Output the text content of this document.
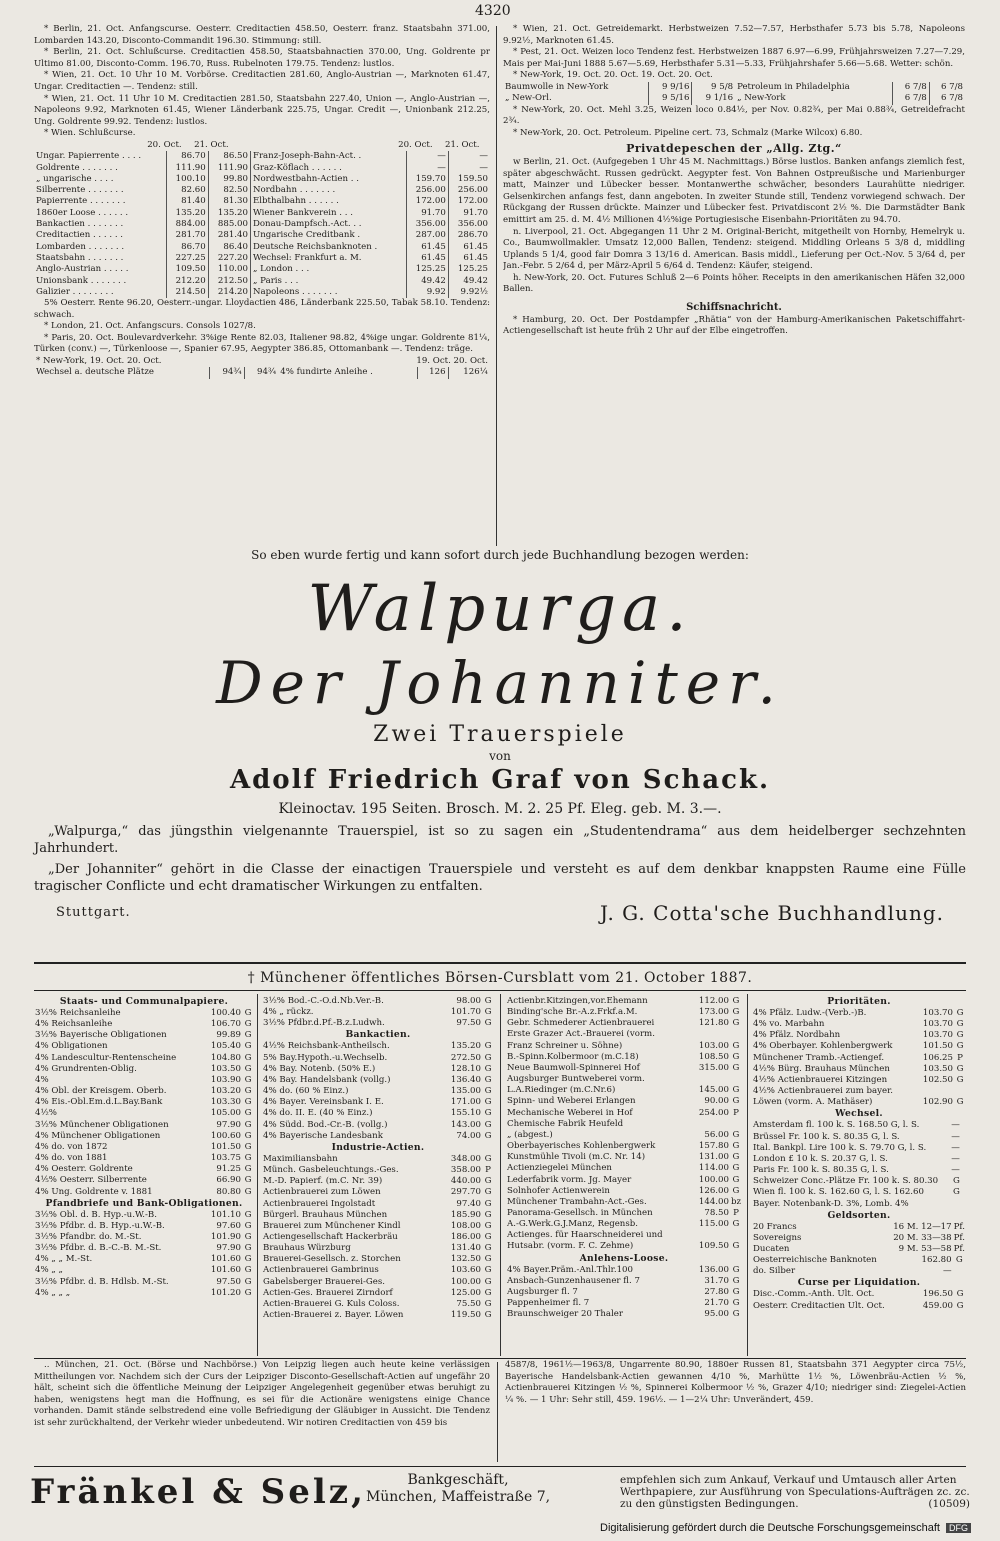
4320

* Berlin, 21. Oct. Anfangscurse. Oesterr. Creditactien 458.50, Oesterr. franz. Staatsbahn 371.00, Lombarden 143.20, Disconto-Commandit 196.30. Stimmung: still.

* Berlin, 21. Oct. Schlußcurse. Creditactien 458.50, Staatsbahnactien 370.00, Ung. Goldrente pr Ultimo 81.00, Disconto-Comm. 196.70, Russ. Rubelnoten 179.75. Tendenz: lustlos.

* Wien, 21. Oct. 10 Uhr 10 M. Vorbörse. Creditactien 281.60, Anglo-Austrian —, Marknoten 61.47, Ungar. Creditactien —. Tendenz: still.

* Wien, 21. Oct. 11 Uhr 10 M. Creditactien 281.50, Staatsbahn 227.40, Union —, Anglo-Austrian —, Napoleons 9.92, Marknoten 61.45, Wiener Länderbank 225.75, Ungar. Credit —, Unionbank 212.25, Ung. Goldrente 99.92. Tendenz: lustlos.

* Wien. Schlußcurse.

	20. Oct.	21. Oct.		20. Oct.	21. Oct.
Ungar. Papierrente . . . .	86.70	86.50	Franz-Joseph-Bahn-Act. .	—	—
Goldrente . . . . . . .	111.90	111.90	Graz-Köflach . . . . . .	—	—
„ ungarische . . . .	100.10	99.80	Nordwestbahn-Actien . .	159.70	159.50
Silberrente . . . . . . .	82.60	82.50	Nordbahn . . . . . . .	256.00	256.00
Papierrente . . . . . . .	81.40	81.30	Elbthalbahn . . . . . .	172.00	172.00
1860er Loose . . . . . .	135.20	135.20	Wiener Bankverein . . .	91.70	91.70
Bankactien . . . . . . .	884.00	885.00	Donau-Dampfsch.-Act. . .	356.00	356.00
Creditactien . . . . . .	281.70	281.40	Ungarische Creditbank .	287.00	286.70
Lombarden . . . . . . .	86.70	86.40	Deutsche Reichsbanknoten .	61.45	61.45
Staatsbahn . . . . . . .	227.25	227.20	Wechsel: Frankfurt a. M.	61.45	61.45
Anglo-Austrian . . . . .	109.50	110.00	„ London . . .	125.25	125.25
Unionsbank . . . . . . .	212.20	212.50	„ Paris . . .	49.42	49.42
Galizier . . . . . . . .	214.50	214.20	Napoleons . . . . . . .	9.92	9.92½

5% Oesterr. Rente 96.20, Oesterr.-ungar. Lloydactien 486, Länderbank 225.50, Tabak 58.10. Tendenz: schwach.

* London, 21. Oct. Anfangscurs. Consols 1027/8.

* Paris, 20. Oct. Boulevardverkehr. 3%ige Rente 82.03, Italiener 98.82, 4%ige ungar. Goldrente 81¼, Türken (conv.) —, Türkenloose —, Spanier 67.95, Aegypter 386.85, Ottomanbank —. Tendenz: träge.

* New-York, 19. Oct. 20. Oct.			19. Oct. 20. Oct.		
Wechsel a. deutsche Plätze	94¾	94¾	4% fundirte Anleihe .	126	126¼

* Wien, 21. Oct. Getreidemarkt. Herbstweizen 7.52—7.57, Herbsthafer 5.73 bis 5.78, Napoleons 9.92½, Marknoten 61.45.

* Pest, 21. Oct. Weizen loco Tendenz fest. Herbstweizen 1887 6.97—6.99, Frühjahrsweizen 7.27—7.29, Mais per Mai-Juni 1888 5.67—5.69, Herbsthafer 5.31—5.33, Frühjahrshafer 5.66—5.68. Wetter: schön.

* New-York, 19. Oct. 20. Oct. 19. Oct. 20. Oct.

Baumwolle in New-York	9 9/16	9 5/8	Petroleum in Philadelphia	6 7/8	6 7/8
„ New-Orl.	9 5/16	9 1/16	„ New-York	6 7/8	6 7/8

* New-York, 20. Oct. Mehl 3.25, Weizen loco 0.84½, per Nov. 0.82¾, per Mai 0.88¾, Getreidefracht 2¾.

* New-York, 20. Oct. Petroleum. Pipeline cert. 73, Schmalz (Marke Wilcox) 6.80.

Privatdepeschen der „Allg. Ztg.“

w Berlin, 21. Oct. (Aufgegeben 1 Uhr 45 M. Nachmittags.) Börse lustlos. Banken anfangs ziemlich fest, später abgeschwächt. Russen gedrückt. Aegypter fest. Von Bahnen Ostpreußische und Marienburger matt, Mainzer und Lübecker besser. Montanwerthe schwächer, besonders Laurahütte niedriger. Gelsenkirchen anfangs fest, dann angeboten. In zweiter Stunde still, Tendenz vorwiegend schwach. Der Rückgang der Russen drückte. Mainzer und Lübecker fest. Privatdiscont 2½ %. Die Darmstädter Bank emittirt am 25. d. M. 4½ Millionen 4½%ige Portugiesische Eisenbahn-Prioritäten zu 94.70.

n. Liverpool, 21. Oct. Abgegangen 11 Uhr 2 M. Original-Bericht, mitgetheilt von Hornby, Hemelryk u. Co., Baumwollmakler. Umsatz 12,000 Ballen, Tendenz: steigend. Middling Orleans 5 3/8 d, middling Uplands 5 1/4, good fair Domra 3 13/16 d. American. Basis middl., Lieferung per Oct.-Nov. 5 3/64 d, per Jan.-Febr. 5 2/64 d, per März-April 5 6/64 d. Tendenz: Käufer, steigend.

h. New-York, 20. Oct. Futures Schluß 2—6 Points höher. Receipts in den amerikanischen Häfen 32,000 Ballen.

Schiffsnachricht.

* Hamburg, 20. Oct. Der Postdampfer „Rhätia“ von der Hamburg-Amerikanischen Paketschiffahrt-Actiengesellschaft ist heute früh 2 Uhr auf der Elbe eingetroffen.

So eben wurde fertig und kann sofort durch jede Buchhandlung bezogen werden:
Walpurga.
Der Johanniter.
Zwei Trauerspiele
von
Adolf Friedrich Graf von Schack.
Kleinoctav. 195 Seiten. Brosch. M. 2. 25 Pf. Eleg. geb. M. 3.—.
„Walpurga,“ das jüngsthin vielgenannte Trauerspiel, ist so zu sagen ein „Studentendrama“ aus dem heidelberger sechzehnten Jahrhundert.
„Der Johanniter“ gehört in die Classe der einactigen Trauerspiele und versteht es auf dem denkbar knappsten Raume eine Fülle tragischer Conflicte und echt dramatischer Wirkungen zu entfalten.
Stuttgart.	J. G. Cotta'sche Buchhandlung.
† Münchener öffentliches Börsen-Cursblatt vom 21. October 1887.
Staats- und Communalpapiere.
3½% Reichsanleihe	100.40	G
4% Reichsanleihe	106.70	G
3½% Bayerische Obligationen	99.89	G
4% Obligationen	105.40	G
4% Landescultur-Rentenscheine	104.80	G
4% Grundrenten-Oblig.	103.50	G
4%	103.90	G
4% Obl. der Kreisgem. Oberb.	103.20	G
4% Eis.-Obl.Em.d.L.Bay.Bank	103.30	G
4½%	105.00	G
3½% Münchener Obligationen	97.90	G
4% Münchener Obligationen	100.60	G
4% do. von 1872	101.50	G
4% do. von 1881	103.75	G
4% Oesterr. Goldrente	91.25	G
4⅕% Oesterr. Silberrente	66.90	G
4% Ung. Goldrente v. 1881	80.80	G
Pfandbriefe und Bank-Obligationen.
3½% Obl. d. B. Hyp.-u.W.-B.	101.10	G
3½% Pfdbr. d. B. Hyp.-u.W.-B.	97.60	G
3½% Pfandbr. do. M.-St.	101.90	G
3½% Pfdbr. d. B.-C.-B. M.-St.	97.90	G
4% „ „ M.-St.	101.60	G
4% „ „	101.60	G
3½% Pfdbr. d. B. Hdlsb. M.-St.	97.50	G
4% „ „ „	101.20	G
3½% Bod.-C.-O.d.Nb.Ver.-B.	98.00	G
4% „ rückz.	101.70	G
3½% Pfdbr.d.Pf.-B.z.Ludwh.	97.50	G
Bankactien.
4½% Reichsbank-Antheilsch.	135.20	G
5% Bay.Hypoth.-u.Wechselb.	272.50	G
4% Bay. Notenb. (50% E.)	128.10	G
4% Bay. Handelsbank (vollg.)	136.40	G
4% do. (60 % Einz.)	135.00	G
4% Bayer. Vereinsbank I. E.	171.00	G
4% do. II. E. (40 % Einz.)	155.10	G
4% Südd. Bod.-Cr.-B. (vollg.)	143.00	G
4% Bayerische Landesbank	74.00	G
Industrie-Actien.
Maximiliansbahn	348.00	G
Münch. Gasbeleuchtungs.-Ges.	358.00	P
M.-D. Papierf. (m.C. Nr. 39)	440.00	G
Actienbrauerei zum Löwen	297.70	G
Actienbrauerei Ingolstadt	97.40	G
Bürgerl. Brauhaus München	185.90	G
Brauerei zum Münchener Kindl	108.00	G
Actiengesellschaft Hackerbräu	186.00	G
Brauhaus Würzburg	131.40	G
Brauerei-Gesellsch. z. Storchen	132.50	G
Actienbrauerei Gambrinus	103.60	G
Gabelsberger Brauerei-Ges.	100.00	G
Actien-Ges. Brauerei Zirndorf	125.00	G
Actien-Brauerei G. Kuls Coloss.	75.50	G
Actien-Brauerei z. Bayer. Löwen	119.50	G
Actienbr.Kitzingen,vor.Ehemann	112.00	G
Binding'sche Br.-A.z.Frkf.a.M.	173.00	G
Gebr. Schmederer Actienbrauerei	121.80	G
Erste Grazer Act.-Brauerei (vorm.		
Franz Schreiner u. Söhne)	103.00	G
B.-Spinn.Kolbermoor (m.C.18)	108.50	G
Neue Baumwoll-Spinnerei Hof	315.00	G
Augsburger Buntweberei vorm.		
L.A.Riedinger (m.C.Nr.6)	145.00	G
Spinn- und Weberei Erlangen	90.00	G
Mechanische Weberei in Hof	254.00	P
Chemische Fabrik Heufeld		
„ (abgest.)	56.00	G
Oberbayerisches Kohlenbergwerk	157.80	G
Kunstmühle Tivoli (m.C. Nr. 14)	131.00	G
Actienziegelei München	114.00	G
Lederfabrik vorm. Jg. Mayer	100.00	G
Solnhofer Actienwerein	126.00	G
Münchener Trambahn-Act.-Ges.	144.00	bz
Panorama-Gesellsch. in München	78.50	P
A.-G.Werk.G.J.Manz, Regensb.	115.00	G
Actienges. für Haarschneiderei und		
Hutsabr. (vorm. F. C. Zehme)	109.50	G
Anlehens-Loose.
4% Bayer.Präm.-Anl.Thlr.100	136.00	G
Ansbach-Gunzenhausener fl. 7	31.70	G
Augsburger fl. 7	27.80	G
Pappenheimer fl. 7	21.70	G
Braunschweiger 20 Thaler	95.00	G
Prioritäten.
4% Pfälz. Ludw.-(Verb.-)B.	103.70	G
4% vo. Marbahn	103.70	G
4% Pfälz. Nordbahn	103.70	G
4% Oberbayer. Kohlenbergwerk	101.50	G
Münchener Tramb.-Actiengef.	106.25	P
4½% Bürg. Brauhaus München	103.50	G
4½% Actienbrauerei Kitzingen	102.50	G
4½% Actienbrauerei zum bayer.		
Löwen (vorm. A. Mathäser)	102.90	G
Wechsel.
Amsterdam fl. 100 k. S. 168.50 G, l. S.	—	
Brüssel Fr. 100 k. S. 80.35 G, l. S.	—	
Ital. Bankpl. Lire 100 k. S. 79.70 G, l. S.	—	
London £ 10 k. S. 20.37 G, l. S.	—	
Paris Fr. 100 k. S. 80.35 G, l. S.	—	
Schweizer Conc.-Plätze Fr. 100 k. S. 80.30	G	
Wien fl. 100 k. S. 162.60 G, l. S. 162.60	G	
Bayer. Notenbank-D. 3%, Lomb. 4%		
Geldsorten.
20 Francs	16 M. 12—17	Pf.
Sovereigns	20 M. 33—38	Pf.
Ducaten	9 M. 53—58	Pf.
Oesterreichische Banknoten	162.80	G
do. Silber	—	
Curse per Liquidation.
Disc.-Comm.-Anth. Ult. Oct.	196.50	G
Oesterr. Creditactien Ult. Oct.	459.00	G

.. München, 21. Oct. (Börse und Nachbörse.) Von Leipzig liegen auch heute keine verlässigen Mittheilungen vor. Nachdem sich der Curs der Leipziger Disconto-Gesellschaft-Actien auf ungefähr 20 hält, scheint sich die öffentliche Meinung der Leipziger Angelegenheit gegenüber etwas beruhigt zu haben, wenigstens hegt man die Hoffnung, es sei für die Actionäre wenigstens einige Chance vorhanden. Damit stände selbstredend eine volle Befriedigung der Gläubiger in Aussicht. Die Tendenz ist sehr zurückhaltend, der Verkehr wieder unbedeutend. Wir notiren Creditactien von 459 bis

4587/8, 1961½—1963/8, Ungarrente 80.90, 1880er Russen 81, Staatsbahn 371 Aegypter circa 75½, Bayerische Handelsbank-Actien gewannen 4/10 %, Marhütte 1½ %, Löwenbräu-Actien ½ %, Actienbrauerei Kitzingen ½ %, Spinnerei Kolbermoor ½ %, Grazer 4/10; niedriger sind: Ziegelei-Actien ¼ %. — 1 Uhr: Sehr still, 459. 196½. — 1—2¼ Uhr: Unverändert, 459.

Fränkel & Selz,	Bankgeschäft,
München, Maffeistraße 7,
empfehlen sich zum Ankauf, Verkauf und Umtausch aller Arten Werthpapiere, zur Ausführung von Speculations-Aufträgen zc. zc. zu den günstigsten Bedingungen.	(10509)
Digitalisierung gefördert durch die Deutsche Forschungsgemeinschaft DFG
